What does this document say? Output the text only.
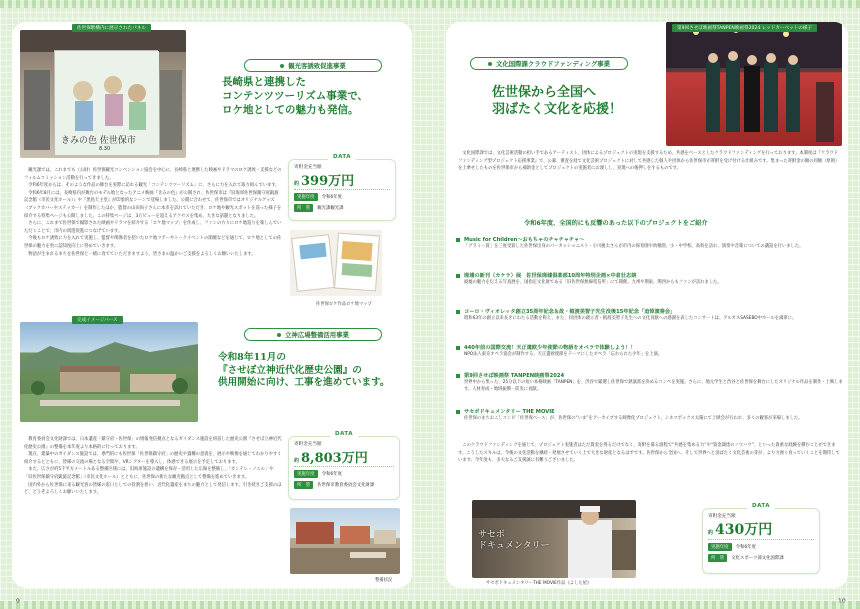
きみの色 佐世保市
8.30
佐世保駅構内に展示されたパネル
観光客誘致促進事業
長崎県と連携した
コンテンツツーリズム事業で、
ロケ地としての魅力も発信。

観光課では、これまでも（公財）佐世保観光コンベンション協会を中心に、長崎県と連携した映画やドラマのロケ誘致・支援などのフィルムコミッション活動を行ってきました。

令和6年度からは、そのような作品の舞台を実際に訪れる観光「コンテンツツーリズム」に、さらに力を入れて取り組んでいます。

令和6年8月には、長崎県内が舞台のモデル地となったアニメ映画『きみの色』が公開され、佐世保市は『旧海軍佐世保鎮守府凱旋記念館（市民文化ホール）』や『黒島天主堂』が印象的なシーンで登場しました。公開に合わせて、佐世保市ではオリジナルグッズ（ブックカバーやステッカー）を制作したほか、監督の山田尚子さんに本市を訪れていただき、ロケ地や観光スポットを巡った様子を紹介する特集ページも公開しました。この特集ページは、3万ビューを超えるアクセスを集め、大きな話題となりました。

さらに、これまで佐世保で撮影された映画やドラマを紹介する「ロケ地マップ」を作成し、ファンの方々にロケ地巡りを楽しんでいただくことで、市内の周遊促進につなげています。

今後もロケ誘致に力を入れて実施し、監督や関係者を招いたロケ地ツアーやトークイベントの開催などを通じて、ロケ地としての佐世保の魅力を更に認知度向上に努めていきます。

物語が生まれるまちを佐世保と一緒に育てていただきますよう、皆さまの温かいご支援をよろしくお願いいたします。

DATA
寄附金充当額
約 399万円
実施年度	令和6年度
所　管	観光課観光課
佐世保ロケ作品ロケ地マップ
完成イメージパース
立神広場整備活用事業
令和8年11月の
『させぼ立神近代化歴史公園』の
供用開始に向け、工事を進めています。

教育委員会文化財課では、日本遺産「鎮守府・佐世保」の情報発信拠点となるガイダンス施設を併設した歴史公園『させぼ立神近代化歴史公園』の整備を本年度より本格的に行っております。

現在、建築中のガイダンス施設では、専門的にも佐世保「佐世保鎮守府」の歴史や遺構の意義を、展示や映像を通じてわかりやすく紹介するとともに、皆様の交流の場となる空間や、VRシアターを導入し、体感できる展示を予定しております。

また、広さが約5千平方メートルある整備区域には、旧海軍施設の遺構を保存・活用した広場を整備し、「カンテレ・ノエル」や「旧佐世保鎮守府凱旋記念館」（市民文化ホール）とともに、佐世保の新たな観光拠点として整備を進めていきます。

国内外から佐世保に来る観光客の皆様の窓口としての役割を担い、近代化遺産をまちの魅力として発信します。引き続きご支援のほど、どうぞよろしくお願いいたします。

DATA
寄附金充当額
約 8,803万円
実施年度	令和6年度
所　管	佐世保市教育委員会文化財課
整備状況
文化国際課クラウドファンディング事業
佐世保から全国へ
羽ばたく文化を応援！
第9回させぼ映画祭TANPEN映画祭2024 レッドカーペットの様子

文化国際課では、文化芸術活動の担い手であるアーティスト、団体によるプロジェクトの実現を支援するため、共感をベースとしたクラウドファンディングを行っております。本制度は『クラウドファンディング型プロジェクト応援事業』で、公募、審査を経て文化芸術プロジェクトに対して共感した個人や団体から佐世保市が寄附を受け付ける仕組みです。集まった寄附金の額の同額（原則）を上乗せしたものを佐世保市から補助金としてプロジェクトの実施者にお渡しし、実現への後押しをするものです。

令和6年度、全国的にも反響のあった以下のプロジェクトをご紹介
Music for Children～おもちゃのチャチャチャ～
「グラミー賞」を三度受賞した佐世保出身のパーカッショニスト・小川慶太さんが市内の保育園や幼稚園、小・中学校、高校を訪れ、演奏や音楽についての講話を行いました。
廃墟の新刊（カケラ）展　佐世保廃墟倶楽部10周年特別企画×中倉壮志朗
廃墟の魅力を伝える写真展を、国指定文化財である「旧佐世保無線電信所」にて開催。九州や関東、関西からもファンが訪れました。
コーロ・ヴィオレッタ創立35周年記念＆故・植渡美智子先生没後15年記念「追悼演奏会」
昭和63年の創立以来長きにわたる活動を称え、また、同団体の創立者・植渡美智子先生への文化貢献への感謝を表したコンサートは、アルカスSASEBO中ホールを満席に。
440年前の国際交流！天正遣欧少年使節の物語をオペラで体験しよう！！
NPO法人東京オペラ協会が制作する、天正遣欧使節をテーマにしたオペラ「忘れられた少年」を上演。
第9回させぼ映画祭 TANPEN映画祭2024
世界中から集った、25分以下の短い本格映画「TANPEN」を、渋谷で厳選し佐世保で熱演賞を決めるコンペを実施。さらに、地元学生と渋谷と佐世保を舞台にしたオリジナル作品を制作・上映します。人材育成・地域振興・防災に貢献。
サセボドキュメンタリー THE MOVIE
佐世保のまちおこしコンビ「佐世保ベース」が、佐世保の“いま”をアーカイブする映像化プロジェクト。シネマボックス太陽にて上映会が行われ、多くの観客が来場しました。

このクラウドファンディングを通じて、プロジェクト実施者はただ資金を得るだけでなく、寄附を募る過程で“共感を集める力”や“資金調達のノウハウ”、といった貴重な経験を積むことができます。こうしたスキルは、今後の文化活動を継続・発展させていく上で大きな財産となるはずです。佐世保から全国へ、そして世界へと羽ばたく文化芸術の芽が、より力強く育っていくことを期待しています。今年度も、多大なるご支援誠に有難うございました。

サセボ
ドキュメンタリー
サセボドキュメンタリーTHE MOVIE作品《よした屋》
DATA
寄附金充当額
約 430万円
実施年度	令和6年度
所　管	文化スポーツ部文化国際課
